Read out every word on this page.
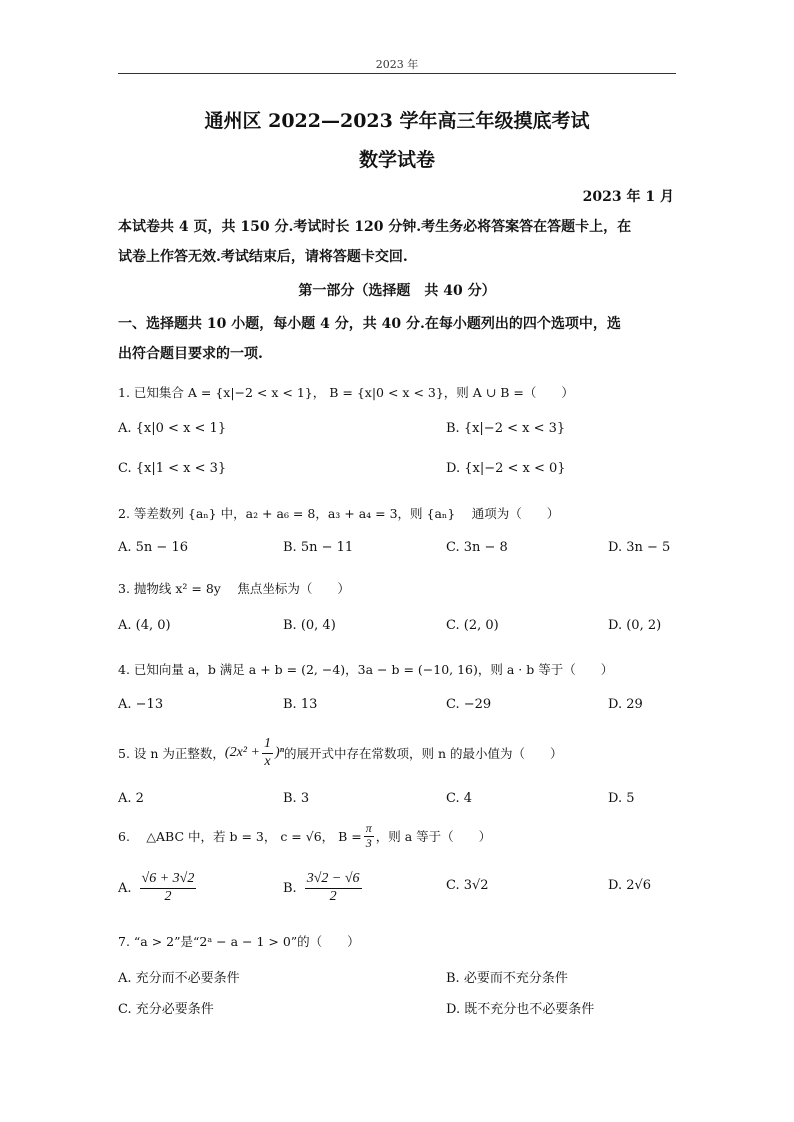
2023 年
通州区 2022—2023 学年高三年级摸底考试
数学试卷
2023 年 1 月
本试卷共 4 页，共 150 分.考试时长 120 分钟.考生务必将答案答在答题卡上，在
试卷上作答无效.考试结束后，请将答题卡交回.
第一部分（选择题　共 40 分）
一、选择题共 10 小题，每小题 4 分，共 40 分.在每小题列出的四个选项中，选
出符合题目要求的一项.
1. 已知集合 A = {x|−2 < x < 1}， B = {x|0 < x < 3}，则 A ∪ B =（　　）
A. {x|0 < x < 1}	B. {x|−2 < x < 3}
C. {x|1 < x < 3}	D. {x|−2 < x < 0}
2. 等差数列 {aₙ} 中，a₂ + a₆ = 8，a₃ + a₄ = 3，则 {aₙ} 　通项为（　　）
A. 5n − 16	B. 5n − 11	C. 3n − 8	D. 3n − 5
3. 抛物线 x² = 8y 　焦点坐标为（　　）
A. (4, 0)	B. (0, 4)	C. (2, 0)	D. (0, 2)
4. 已知向量 a，b 满足 a + b = (2, −4)，3a − b = (−10, 16)，则 a · b 等于（　　）
A. −13	B. 13	C. −29	D. 29
5. 设 n 为正整数， $(2x^2 + \frac{1}{x} )^n$ 的展开式中存在常数项，则 n 的最小值为（　　）
A. 2	B. 3	C. 4	D. 5
6. 　△ABC 中，若 b = 3， c = √6， $B = \frac{\pi}{3}$ ，则 a 等于（　　）
A. $\frac{√6 + 3√2}{2}$	B. $\frac{3√2 - √6}{2}$	C. 3√2	D. 2√6
7. “a > 2”是“2ᵃ − a − 1 > 0”的（　　）
A. 充分而不必要条件	B. 必要而不充分条件
C. 充分必要条件	D. 既不充分也不必要条件
